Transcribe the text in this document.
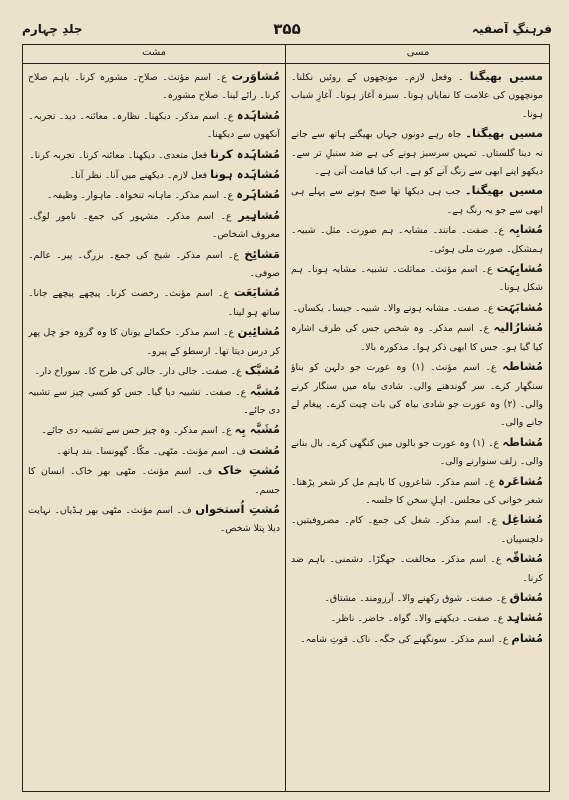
فرہنگِ آصفیہ
۳۵۵
جلدِ چہارم
مسی
مشت

مسیں بھیگنا ۔ وفعل لازم۔ مونچھوں کے روئیں نکلنا۔ مونچھوں کی علامت کا نمایاں ہونا۔ سبزہ آغاز ہونا۔ آغازِ شباب ہونا۔

مسیں بھیگنا۔ جاہ رہے دونوں جہاں بھیگنے ہاتھ سے جانے نہ دینا گلستاں۔ تمہیں سرسبز ہونے کی ہے ضد سنبلِ تر سے۔ دیکھو اپنے ابھی سے رنگ آنے کو ہے۔ اب کیا قیامت آنی ہے۔

مسیں بھیگنا۔ جب ہی دیکھا تھا صبح ہونے سے پہلے ہی ابھی سے جو یہ رنگ ہے۔

مُشابِہ ع۔ صفت۔ مانند۔ مشابہ۔ ہم صورت۔ مثل۔ شبیہ۔ ہمشکل۔ صورت ملی ہوئی۔

مُشابِہَت ع۔ اسم مؤنث۔ مماثلت۔ تشبیہ۔ مشابہ ہونا۔ ہم شکل ہونا۔

مُشابَہَت ع۔ صفت۔ مشابہ ہونے والا۔ شبیہ۔ جیسا۔ یکساں۔

مُشارُالیہ ع۔ اسم مذکر۔ وہ شخص جس کی طرف اشارہ کیا گیا ہو۔ جس کا ابھی ذکر ہوا۔ مذکورہ بالا۔

مُشاطہ ع۔ اسم مؤنث۔ (۱) وہ عورت جو دلہن کو بناؤ سنگھار کرے۔ سر گوندھنے والی۔ شادی بیاہ میں سنگار کرنے والی۔ (۲) وہ عورت جو شادی بیاہ کی بات چیت کرے۔ پیغام لے جانے والی۔

مُشاطہ ع۔ (۱) وہ عورت جو بالوں میں کنگھی کرے۔ بال بنانے والی۔ زلف سنوارنے والی۔

مُشاعَرہ ع۔ اسم مذکر۔ شاعروں کا باہم مل کر شعر پڑھنا۔ شعر خوانی کی مجلس۔ اہلِ سخن کا جلسہ۔

مُشاغِل ع۔ اسم مذکر۔ شغل کی جمع۔ کام۔ مصروفیتیں۔ دلچسپیاں۔

مُشاقّہ ع۔ اسم مذکر۔ مخالفت۔ جھگڑا۔ دشمنی۔ باہم ضد کرنا۔

مُشاق ع۔ صفت۔ شوق رکھنے والا۔ آرزومند۔ مشتاق۔

مُشاہِد ع۔ صفت۔ دیکھنے والا۔ گواہ۔ حاضر۔ ناظر۔

مُشام ع۔ اسم مذکر۔ سونگھنے کی جگہ۔ ناک۔ قوتِ شامہ۔

مُشاوَرت ع۔ اسم مؤنث۔ صلاح۔ مشورہ کرنا۔ باہم صلاح کرنا۔ رائے لینا۔ صلاح مشورہ۔

مُشاہَدہ ع۔ اسم مذکر۔ دیکھنا۔ نظارہ۔ معائنہ۔ دید۔ تجربہ۔ آنکھوں سے دیکھنا۔

مُشاہَدہ کرنا فعل متعدی۔ دیکھنا۔ معائنہ کرنا۔ تجربہ کرنا۔

مُشاہَدہ ہونا فعل لازم۔ دیکھنے میں آنا۔ نظر آنا۔

مُشاہَرہ ع۔ اسم مذکر۔ ماہانہ تنخواہ۔ ماہوار۔ وظیفہ۔

مُشاہِیر ع۔ اسم مذکر۔ مشہور کی جمع۔ نامور لوگ۔ معروف اشخاص۔

مَشائِخ ع۔ اسم مذکر۔ شیخ کی جمع۔ بزرگ۔ پیر۔ عالم۔ صوفی۔

مُشایَعَت ع۔ اسم مؤنث۔ رخصت کرنا۔ پیچھے پیچھے جانا۔ ساتھ ہو لینا۔

مُشائِین ع۔ اسم مذکر۔ حکمائے یونان کا وہ گروہ جو چل پھر کر درس دیتا تھا۔ ارسطو کے پیرو۔

مُشبَّک ع۔ صفت۔ جالی دار۔ جالی کی طرح کا۔ سوراخ دار۔

مُشبَّہ ع۔ صفت۔ تشبیہ دیا گیا۔ جس کو کسی چیز سے تشبیہ دی جائے۔

مُشَبَّہ بِہ ع۔ اسم مذکر۔ وہ چیز جس سے تشبیہ دی جائے۔

مُشت ف۔ اسم مؤنث۔ مٹھی۔ مکّا۔ گھونسا۔ بند ہاتھ۔

مُشتِ خاک ف۔ اسم مؤنث۔ مٹھی بھر خاک۔ انسان کا جسم۔

مُشتِ اُستخواں ف۔ اسم مؤنث۔ مٹھی بھر ہڈیاں۔ نہایت دبلا پتلا شخص۔
